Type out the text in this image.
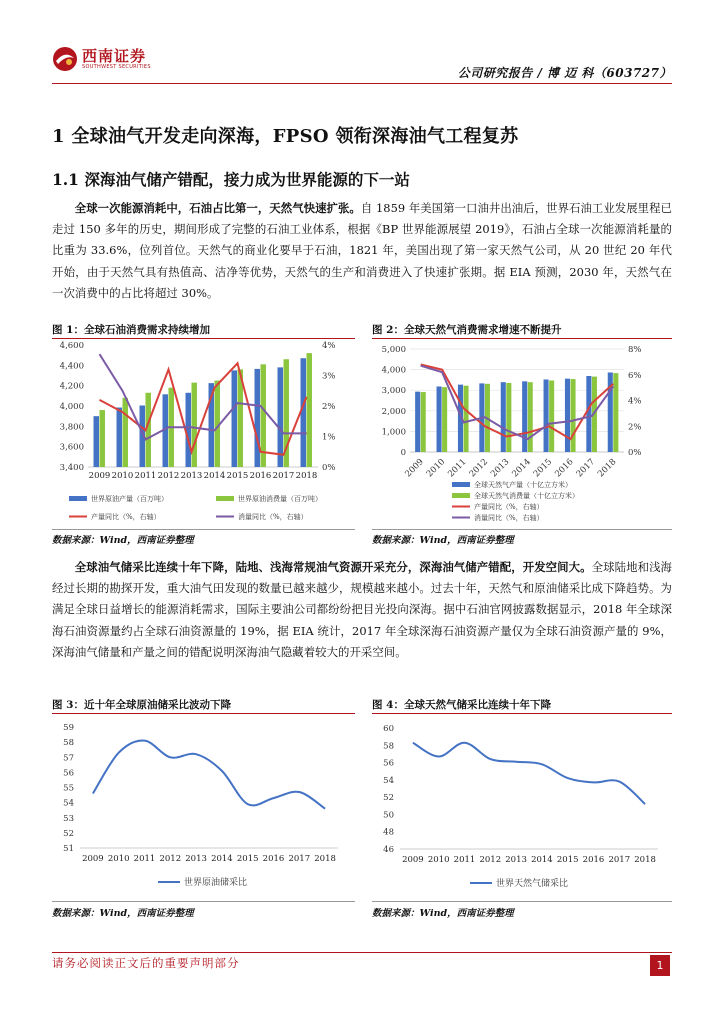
西南证券
SOUTHWEST SECURITIES	公司研究报告 / 博 迈 科（603727）
1 全球油气开发走向深海，FPSO 领衔深海油气工程复苏
1.1 深海油气储产错配，接力成为世界能源的下一站
全球一次能源消耗中，石油占比第一，天然气快速扩张。自 1859 年美国第一口油井出油后，世界石油工业发展里程已走过 150 多年的历史，期间形成了完整的石油工业体系，根据《BP 世界能源展望 2019》，石油占全球一次能源消耗量的比重为 33.6%，位列首位。天然气的商业化要早于石油，1821 年，美国出现了第一家天然气公司，从 20 世纪 20 年代开始，由于天然气具有热值高、洁净等优势，天然气的生产和消费进入了快速扩张期。据 EIA 预测，2030 年，天然气在一次消费中的占比将超过 30%。
图 1：全球石油消费需求持续增加	图 2：全球天然气消费需求增速不断提升
3,400
3,600
3,800
4,000
4,200
4,400
4,600
0%
1%
2%
3%
4%
2009 2010 2011 2012 2013 2014 2015 2016 2017 2018
世界原油产量（百万吨）	世界原油消费量（百万吨）
产量同比（%，右轴）	消量同比（%，右轴）
0
1,000
2,000
3,000
4,000
5,000
0%
2%
4%
6%
8%
2009 2010 2011 2012 2013 2014 2015 2016 2017 2018
全球天然气产量（十亿立方米）
全球天然气消费量（十亿立方米）
产量同比（%，右轴）
消量同比（%，右轴）
数据来源：Wind，西南证券整理	数据来源：Wind，西南证券整理
全球油气储采比连续十年下降，陆地、浅海常规油气资源开采充分，深海油气储产错配，开发空间大。全球陆地和浅海经过长期的勘探开发，重大油气田发现的数量已越来越少，规模越来越小。过去十年，天然气和原油储采比成下降趋势。为满足全球日益增长的能源消耗需求，国际主要油公司都纷纷把目光投向深海。据中石油官网披露数据显示，2018 年全球深海石油资源量约占全球石油资源量的 19%，据 EIA 统计，2017 年全球深海石油资源产量仅为全球石油资源产量的 9%，深海油气储量和产量之间的错配说明深海油气隐藏着较大的开采空间。
图 3：近十年全球原油储采比波动下降	图 4：全球天然气储采比连续十年下降
51
52
53
54
55
56
57
58
59
2009 2010 2011 2012 2013 2014 2015 2016 2017 2018
世界原油储采比
46
48
50
52
54
56
58
60
2009 2010 2011 2012 2013 2014 2015 2016 2017 2018
世界天然气储采比
数据来源：Wind，西南证券整理	数据来源：Wind，西南证券整理
请务必阅读正文后的重要声明部分	1
